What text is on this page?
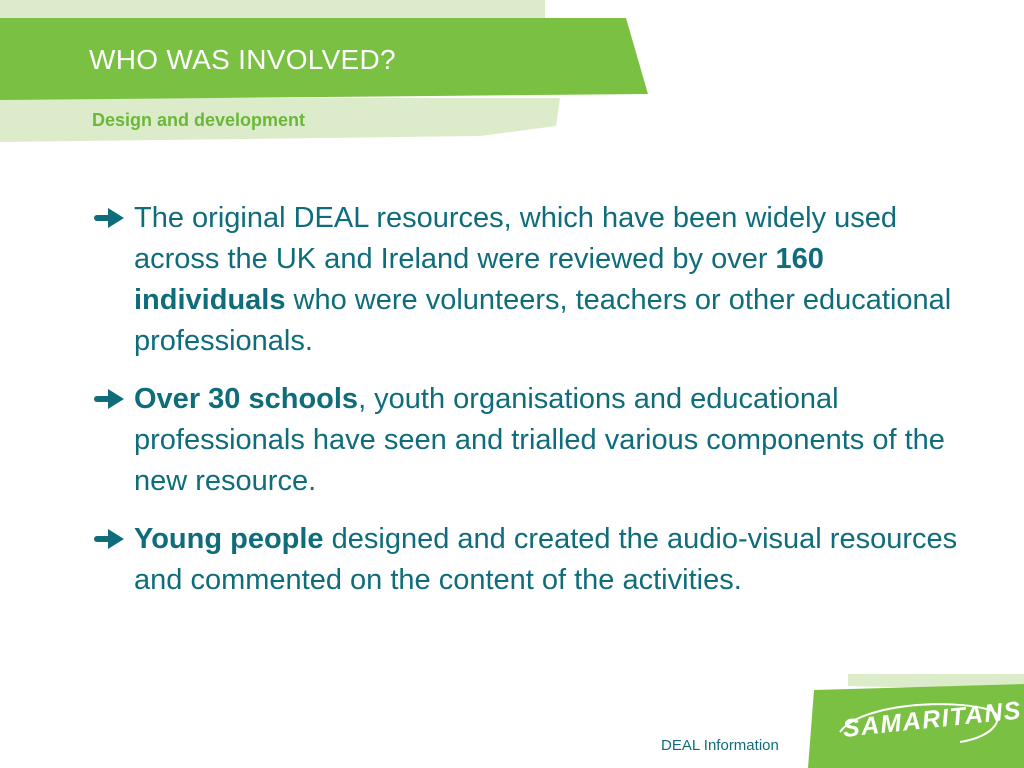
WHO WAS INVOLVED?
Design and development
The original DEAL resources, which have been widely used across the UK and Ireland were reviewed by over 160 individuals who were volunteers, teachers or other educational professionals.
Over 30 schools, youth organisations and educational professionals have seen and trialled various components of the new resource.
Young people designed and created the audio-visual resources and commented on the content of the activities.
SAMARITANS
DEAL Information
